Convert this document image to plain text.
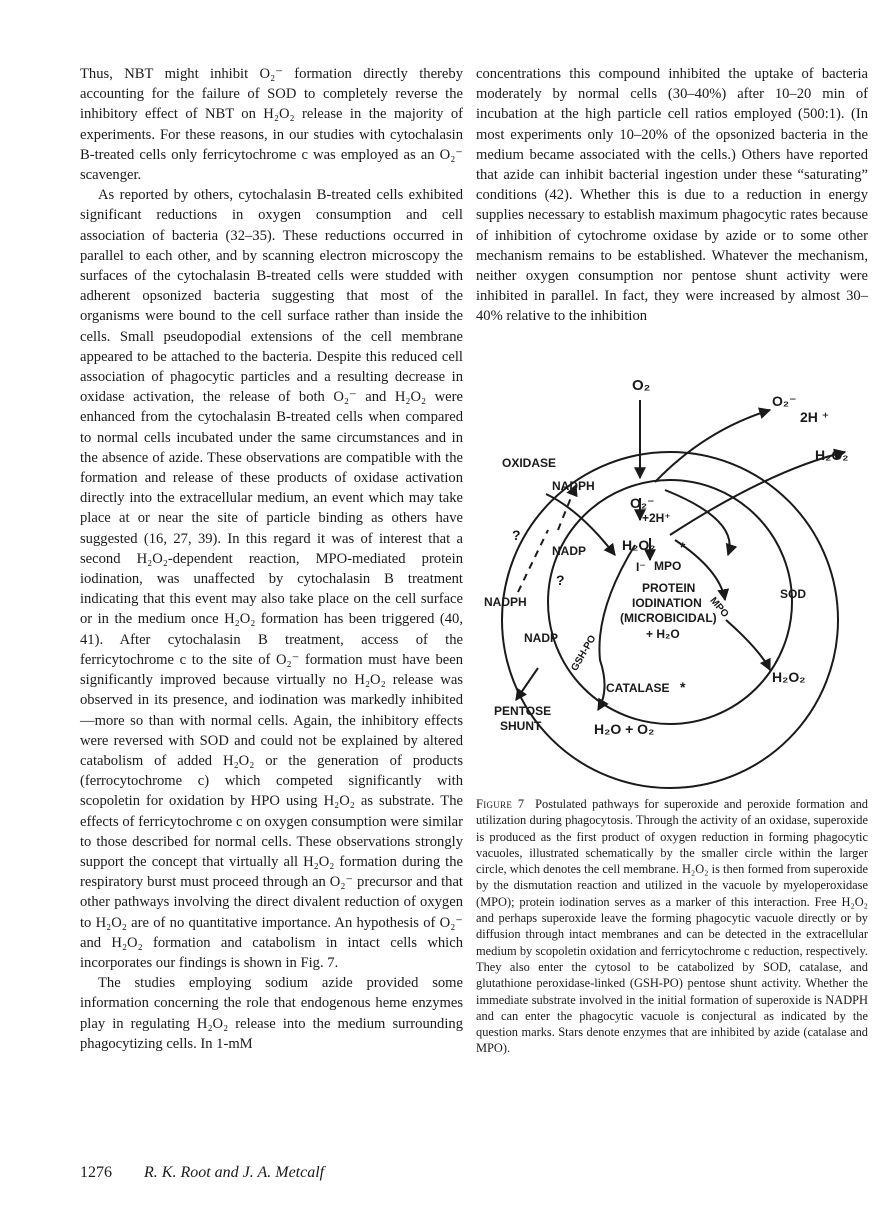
Thus, NBT might inhibit O₂⁻ formation directly thereby accounting for the failure of SOD to completely reverse the inhibitory effect of NBT on H₂O₂ release in the majority of experiments. For these reasons, in our studies with cytochalasin B-treated cells only ferricytochrome c was employed as an O₂⁻ scavenger.

As reported by others, cytochalasin B-treated cells exhibited significant reductions in oxygen consumption and cell association of bacteria (32–35). These reductions occurred in parallel to each other, and by scanning electron microscopy the surfaces of the cytochalasin B-treated cells were studded with adherent opsonized bacteria suggesting that most of the organisms were bound to the cell surface rather than inside the cells. Small pseudopodial extensions of the cell membrane appeared to be attached to the bacteria. Despite this reduced cell association of phagocytic particles and a resulting decrease in oxidase activation, the release of both O₂⁻ and H₂O₂ were enhanced from the cytochalasin B-treated cells when compared to normal cells incubated under the same circumstances and in the absence of azide. These observations are compatible with the formation and release of these products of oxidase activation directly into the extracellular medium, an event which may take place at or near the site of particle binding as others have suggested (16, 27, 39). In this regard it was of interest that a second H₂O₂-dependent reaction, MPO-mediated protein iodination, was unaffected by cytochalasin B treatment indicating that this event may also take place on the cell surface or in the medium once H₂O₂ formation has been triggered (40, 41). After cytochalasin B treatment, access of the ferricytochrome c to the site of O₂⁻ formation must have been significantly improved because virtually no H₂O₂ release was observed in its presence, and iodination was markedly inhibited—more so than with normal cells. Again, the inhibitory effects were reversed with SOD and could not be explained by altered catabolism of added H₂O₂ or the generation of products (ferrocytochrome c) which competed significantly with scopoletin for oxidation by HPO using H₂O₂ as substrate. The effects of ferricytochrome c on oxygen consumption were similar to those described for normal cells. These observations strongly support the concept that virtually all H₂O₂ formation during the respiratory burst must proceed through an O₂⁻ precursor and that other pathways involving the direct divalent reduction of oxygen to H₂O₂ are of no quantitative importance. An hypothesis of O₂⁻ and H₂O₂ formation and catabolism in intact cells which incorporates our findings is shown in Fig. 7.

The studies employing sodium azide provided some information concerning the role that endogenous heme enzymes play in regulating H₂O₂ release into the medium surrounding phagocytizing cells. In 1-mM

concentrations this compound inhibited the uptake of bacteria moderately by normal cells (30–40%) after 10–20 min of incubation at the high particle cell ratios employed (500:1). (In most experiments only 10–20% of the opsonized bacteria in the medium became associated with the cells.) Others have reported that azide can inhibit bacterial ingestion under these “saturating” conditions (42). Whether this is due to a reduction in energy supplies necessary to establish maximum phagocytic rates because of inhibition of cytochrome oxidase by azide or to some other mechanism remains to be established. Whatever the mechanism, neither oxygen consumption nor pentose shunt activity were inhibited in parallel. In fact, they were increased by almost 30–40% relative to the inhibition

O₂
O₂⁻
2H ⁺
H₂O₂
OXIDASE
NADPH
O₂⁻
+2H⁺
?
?
NADP	H₂O₂ *
I⁻ MPO
PROTEIN
IODINATION
(MICROBICIDAL)
+ H₂O
MPO
SOD
NADPH
NADP GSH-PO
CATALASE *
H₂O₂
PENTOSE
SHUNT	H₂O + O₂
Figure 7 Postulated pathways for superoxide and peroxide formation and utilization during phagocytosis. Through the activity of an oxidase, superoxide is produced as the first product of oxygen reduction in forming phagocytic vacuoles, illustrated schematically by the smaller circle within the larger circle, which denotes the cell membrane. H₂O₂ is then formed from superoxide by the dismutation reaction and utilized in the vacuole by myeloperoxidase (MPO); protein iodination serves as a marker of this interaction. Free H₂O₂ and perhaps superoxide leave the forming phagocytic vacuole directly or by diffusion through intact membranes and can be detected in the extracellular medium by scopoletin oxidation and ferricytochrome c reduction, respectively. They also enter the cytosol to be catabolized by SOD, catalase, and glutathione peroxidase-linked (GSH-PO) pentose shunt activity. Whether the immediate substrate involved in the initial formation of superoxide is NADPH and can enter the phagocytic vacuole is conjectural as indicated by the question marks. Stars denote enzymes that are inhibited by azide (catalase and MPO).
1276 R. K. Root and J. A. Metcalf
